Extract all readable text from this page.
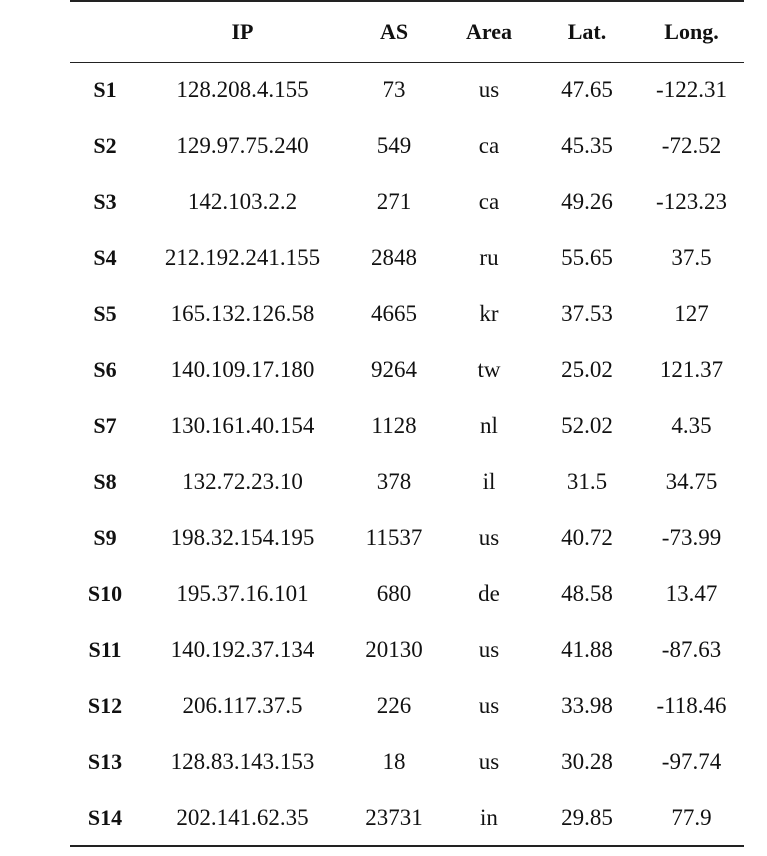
	IP	AS	Area	Lat.	Long.
S1	128.208.4.155	73	us	47.65	-122.31
S2	129.97.75.240	549	ca	45.35	-72.52
S3	142.103.2.2	271	ca	49.26	-123.23
S4	212.192.241.155	2848	ru	55.65	37.5
S5	165.132.126.58	4665	kr	37.53	127
S6	140.109.17.180	9264	tw	25.02	121.37
S7	130.161.40.154	1128	nl	52.02	4.35
S8	132.72.23.10	378	il	31.5	34.75
S9	198.32.154.195	11537	us	40.72	-73.99
S10	195.37.16.101	680	de	48.58	13.47
S11	140.192.37.134	20130	us	41.88	-87.63
S12	206.117.37.5	226	us	33.98	-118.46
S13	128.83.143.153	18	us	30.28	-97.74
S14	202.141.62.35	23731	in	29.85	77.9
